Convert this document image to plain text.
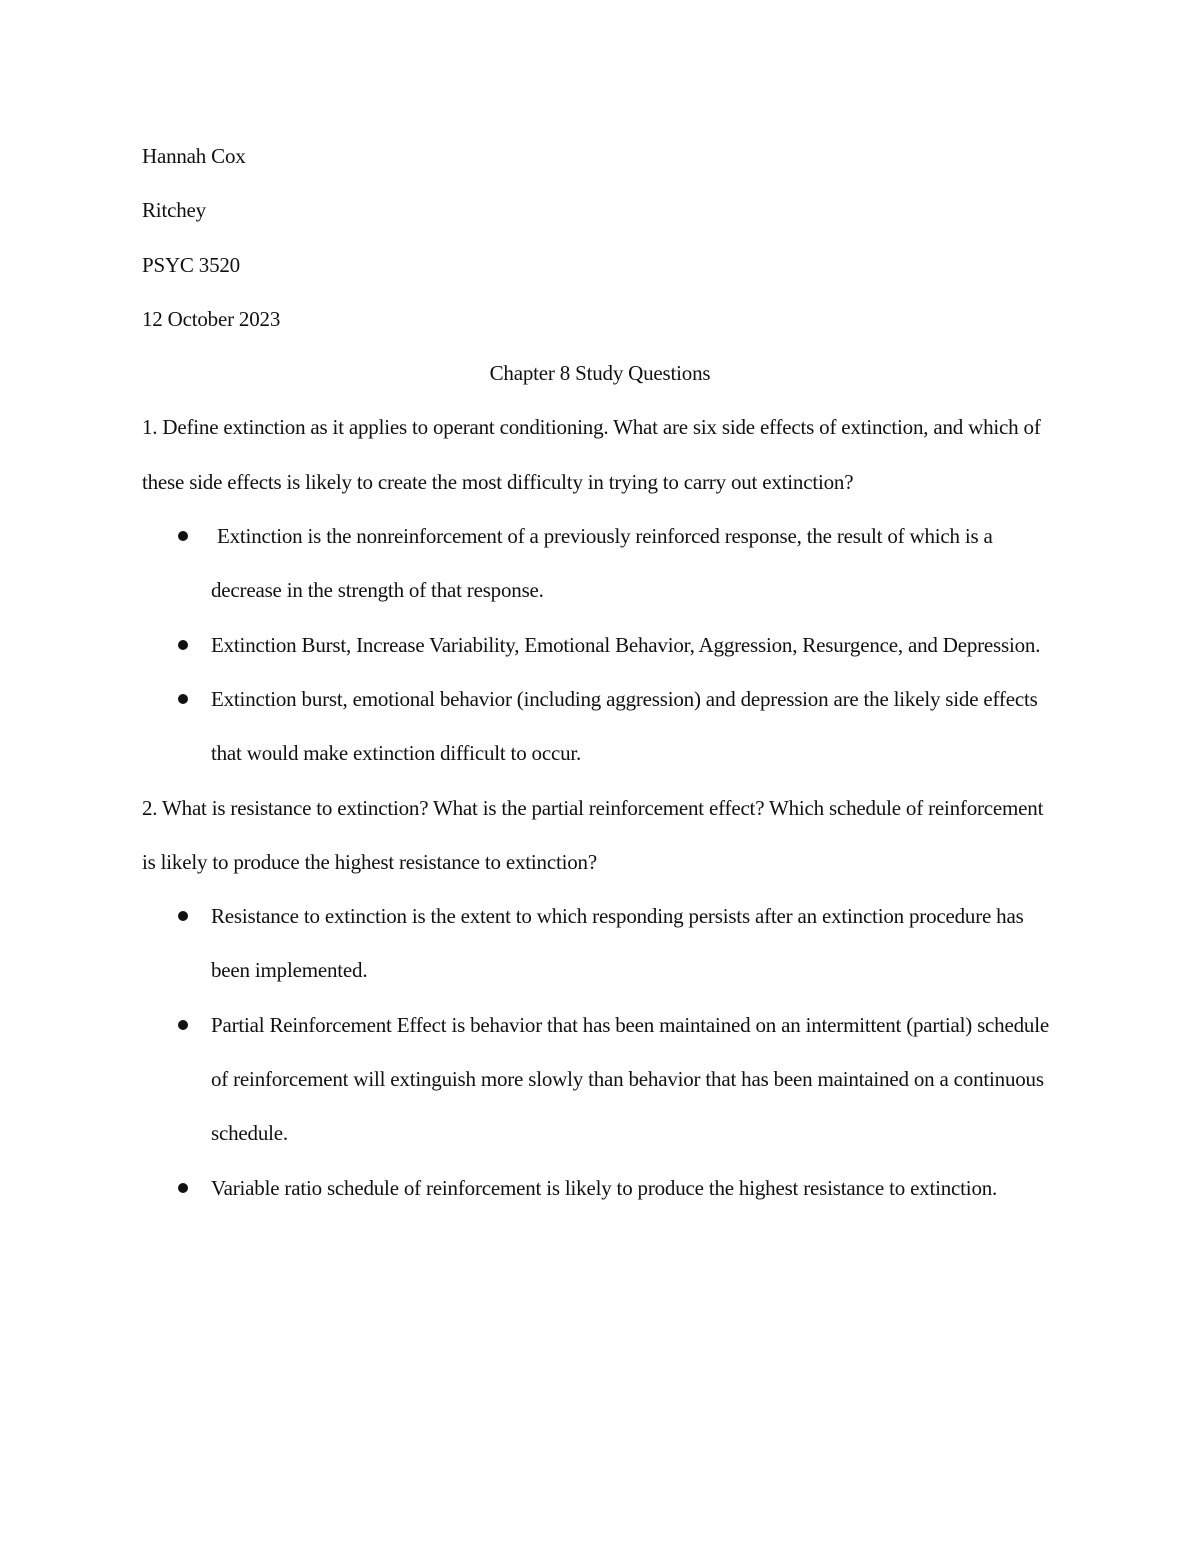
Hannah Cox

Ritchey

PSYC 3520

12 October 2023

Chapter 8 Study Questions

1. Define extinction as it applies to operant conditioning. What are six side effects of extinction, and which of these side effects is likely to create the most difficulty in trying to carry out extinction?

Extinction is the nonreinforcement of a previously reinforced response, the result of which is a decrease in the strength of that response.
Extinction Burst, Increase Variability, Emotional Behavior, Aggression, Resurgence, and Depression.
Extinction burst, emotional behavior (including aggression) and depression are the likely side effects that would make extinction difficult to occur.

2. What is resistance to extinction? What is the partial reinforcement effect? Which schedule of reinforcement is likely to produce the highest resistance to extinction?

Resistance to extinction is the extent to which responding persists after an extinction procedure has been implemented.
Partial Reinforcement Effect is behavior that has been maintained on an intermittent (partial) schedule of reinforcement will extinguish more slowly than behavior that has been maintained on a continuous schedule.
Variable ratio schedule of reinforcement is likely to produce the highest resistance to extinction.
